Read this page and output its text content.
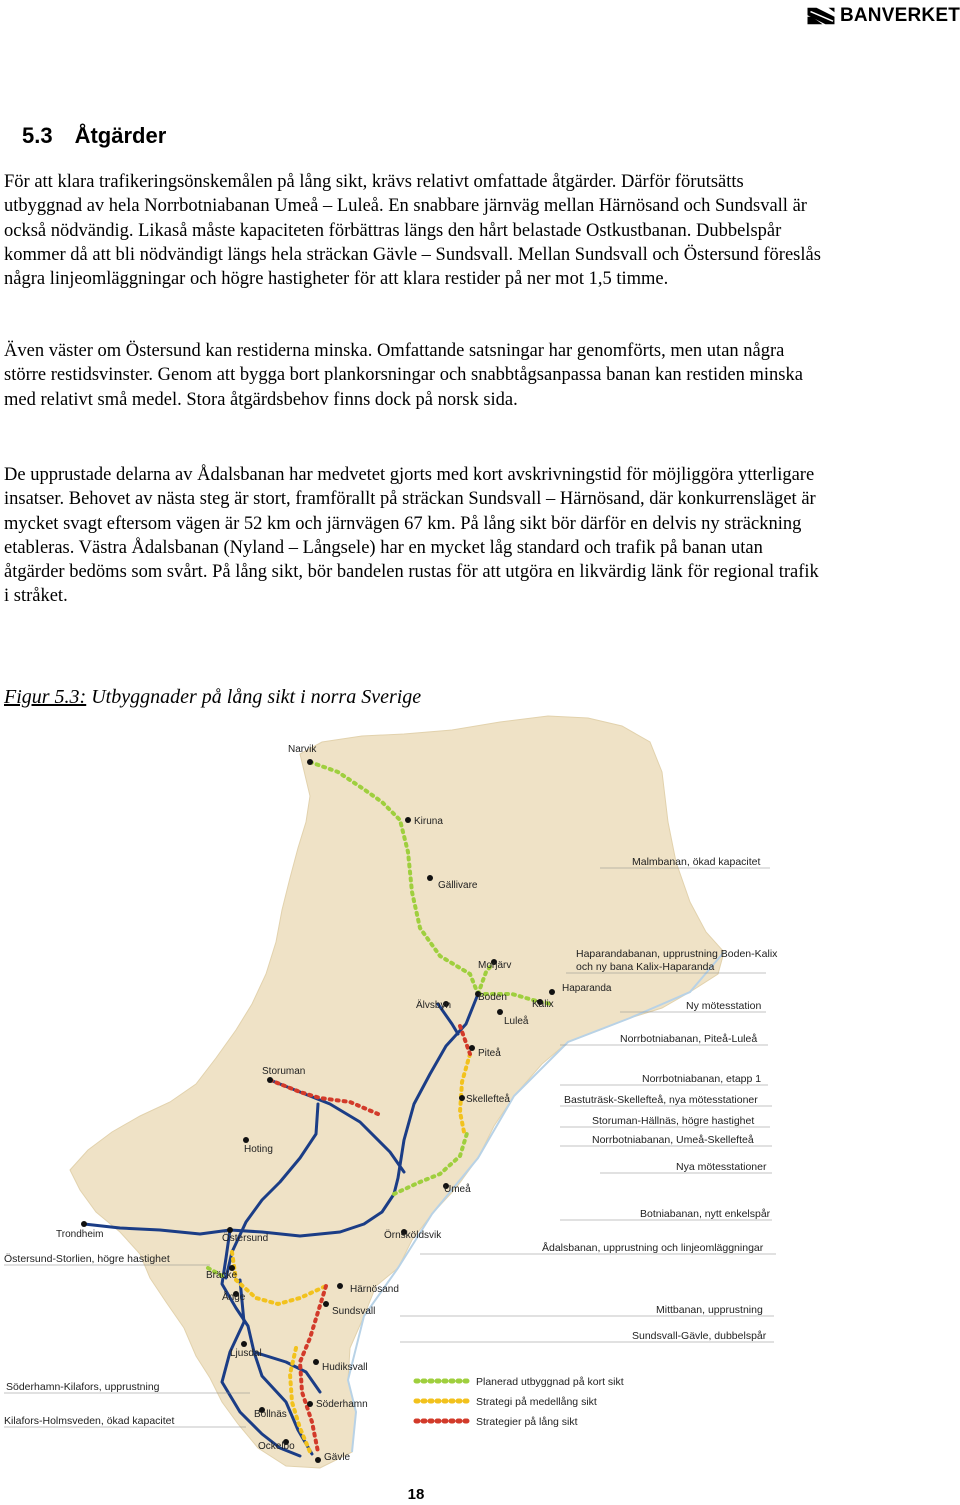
BANVERKET
5.3 Åtgärder

För att klara trafikeringsönskemålen på lång sikt, krävs relativt omfattade åtgärder. Därför förutsätts utbyggnad av hela Norrbotniabanan Umeå – Luleå. En snabbare järnväg mellan Härnösand och Sundsvall är också nödvändig. Likaså måste kapaciteten förbättras längs den hårt belastade Ostkustbanan. Dubbelspår kommer då att bli nödvändigt längs hela sträckan Gävle – Sundsvall. Mellan Sundsvall och Östersund föreslås några linjeomläggningar och högre hastigheter för att klara restider på ner mot 1,5 timme.

Även väster om Östersund kan restiderna minska. Omfattande satsningar har genomförts, men utan några större restidsvinster. Genom att bygga bort plankorsningar och snabbtågsanpassa banan kan restiden minska med relativt små medel. Stora åtgärdsbehov finns dock på norsk sida.

De upprustade delarna av Ådalsbanan har medvetet gjorts med kort avskrivningstid för möjliggöra ytterligare insatser. Behovet av nästa steg är stort, framförallt på sträckan Sundsvall – Härnösand, där konkurrensläget är mycket svagt eftersom vägen är 52 km och järnvägen 67 km. På lång sikt bör därför en delvis ny sträckning etableras. Västra Ådalsbanan (Nyland – Långsele) har en mycket låg standard och trafik på banan utan åtgärder bedöms som svårt. På lång sikt, bör bandelen rustas för att utgöra en likvärdig länk för regional trafik i stråket.

Figur 5.3: Utbyggnader på lång sikt i norra Sverige
Narvik
Kiruna
Gällivare
Morjärv
Boden
Älvsbyn	Kalix
Haparanda
Luleå
Piteå
Storuman
Skellefteå
Hoting
Umeå
Trondheim	Östersund	Örnsköldsvik
Bräcke
Ånge
Härnösand
Sundsvall
Ljusdal
Hudiksvall
Söderhamn
Bollnäs
Ockelbo
Gävle
Malmbanan, ökad kapacitet
Haparandabanan, upprustning Boden-Kalix
och ny bana Kalix-Haparanda
Ny mötesstation
Norrbotniabanan, Piteå-Luleå
Norrbotniabanan, etapp 1
Bastuträsk-Skellefteå, nya mötesstationer
Storuman-Hällnäs, högre hastighet
Norrbotniabanan, Umeå-Skellefteå
Nya mötesstationer
Botniabanan, nytt enkelspår
Östersund-Storlien, högre hastighet
Ådalsbanan, upprustning och linjeomläggningar
Mittbanan, upprustning
Sundsvall-Gävle, dubbelspår
Söderhamn-Kilafors, upprustning
Kilafors-Holmsveden, ökad kapacitet
Planerad utbyggnad på kort sikt
Strategi på medellång sikt
Strategier på lång sikt
18
